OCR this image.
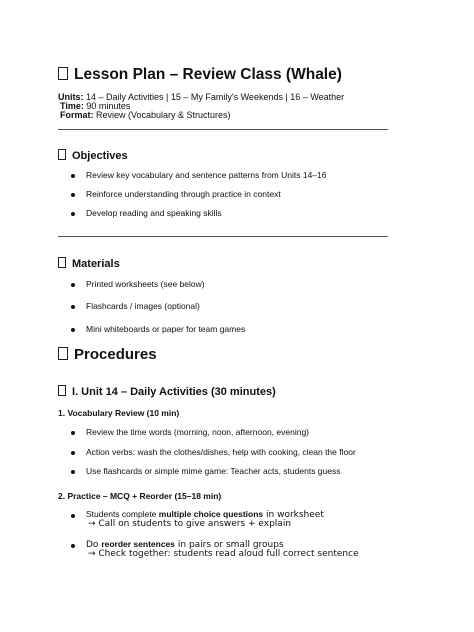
Lesson Plan – Review Class (Whale)
Units: 14 – Daily Activities | 15 – My Family's Weekends | 16 – Weather
Time: 90 minutes
Format: Review (Vocabulary & Structures)
Objectives
Review key vocabulary and sentence patterns from Units 14–16
Reinforce understanding through practice in context
Develop reading and speaking skills
Materials
Printed worksheets (see below)
Flashcards / images (optional)
Mini whiteboards or paper for team games
Procedures
I. Unit 14 – Daily Activities (30 minutes)
1. Vocabulary Review (10 min)
Review the time words (morning, noon, afternoon, evening)
Action verbs: wash the clothes/dishes, help with cooking, clean the floor
Use flashcards or simple mime game: Teacher acts, students guess
2. Practice – MCQ + Reorder (15–18 min)
Students complete multiple choice questions in worksheet
→ Call on students to give answers + explain
Do reorder sentences in pairs or small groups
→ Check together: students read aloud full correct sentence
